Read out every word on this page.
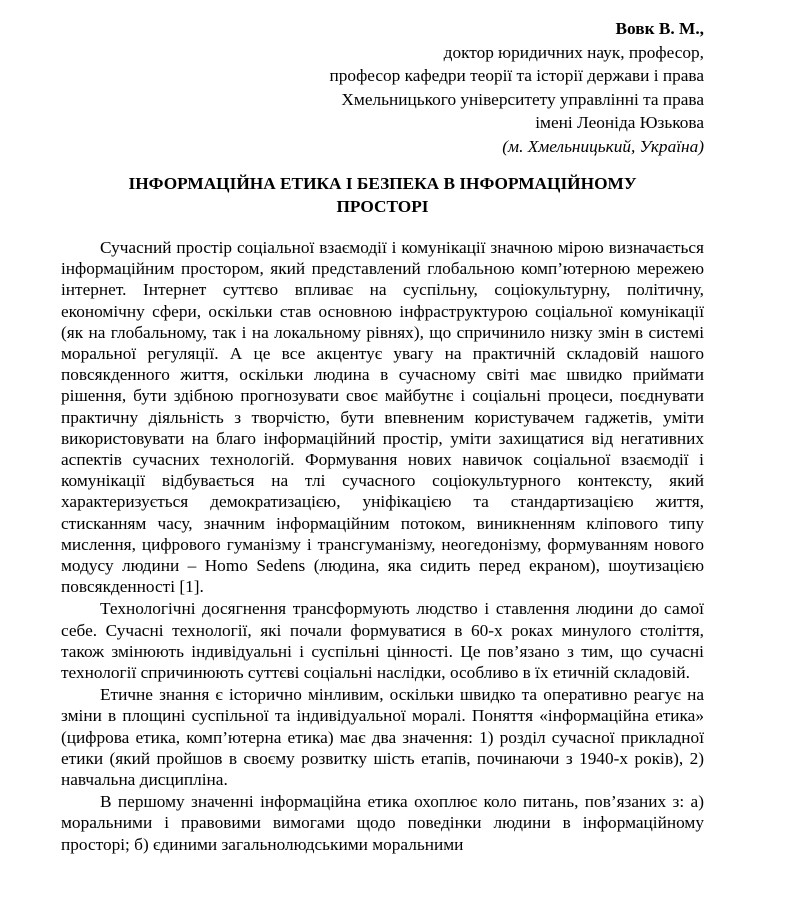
Вовк В. М.,
доктор юридичних наук, професор,
професор кафедри теорії та історії держави і права
Хмельницького університету управлінні та права
імені Леоніда Юзькова
(м. Хмельницький, Україна)
ІНФОРМАЦІЙНА ЕТИКА І БЕЗПЕКА В ІНФОРМАЦІЙНОМУ
ПРОСТОРІ

Сучасний простір соціальної взаємодії і комунікації значною мірою визначається інформаційним простором, який представлений глобальною комп’ютерною мережею інтернет. Інтернет суттєво впливає на суспільну, соціокультурну, політичну, економічну сфери, оскільки став основною інфраструктурою соціальної комунікації (як на глобальному, так і на локальному рівнях), що спричинило низку змін в системі моральної регуляції. А це все акцентує увагу на практичній складовій нашого повсякденного життя, оскільки людина в сучасному світі має швидко приймати рішення, бути здібною прогнозувати своє майбутнє і соціальні процеси, поєднувати практичну діяльність з творчістю, бути впевненим користувачем гаджетів, уміти використовувати на благо інформаційний простір, уміти захищатися від негативних аспектів сучасних технологій. Формування нових навичок соціальної взаємодії і комунікації відбувається на тлі сучасного соціокультурного контексту, який характеризується демократизацією, уніфікацією та стандартизацією життя, стисканням часу, значним інформаційним потоком, виникненням кліпового типу мислення, цифрового гуманізму і трансгуманізму, неогедонізму, формуванням нового модусу людини – Homo Sedens (людина, яка сидить перед екраном), шоутизацією повсякденності [1].

Технологічні досягнення трансформують людство і ставлення людини до самої себе. Сучасні технології, які почали формуватися в 60-х роках минулого століття, також змінюють індивідуальні і суспільні цінності. Це пов’язано з тим, що сучасні технології спричинюють суттєві соціальні наслідки, особливо в їх етичній складовій.

Етичне знання є історично мінливим, оскільки швидко та оперативно реагує на зміни в площині суспільної та індивідуальної моралі. Поняття «інформаційна етика» (цифрова етика, комп’ютерна етика) має два значення: 1) розділ сучасної прикладної етики (який пройшов в своєму розвитку шість етапів, починаючи з 1940-х років), 2) навчальна дисципліна.

В першому значенні інформаційна етика охоплює коло питань, пов’язаних з: а) моральними і правовими вимогами щодо поведінки людини в інформаційному просторі; б) єдиними загальнолюдськими моральними
